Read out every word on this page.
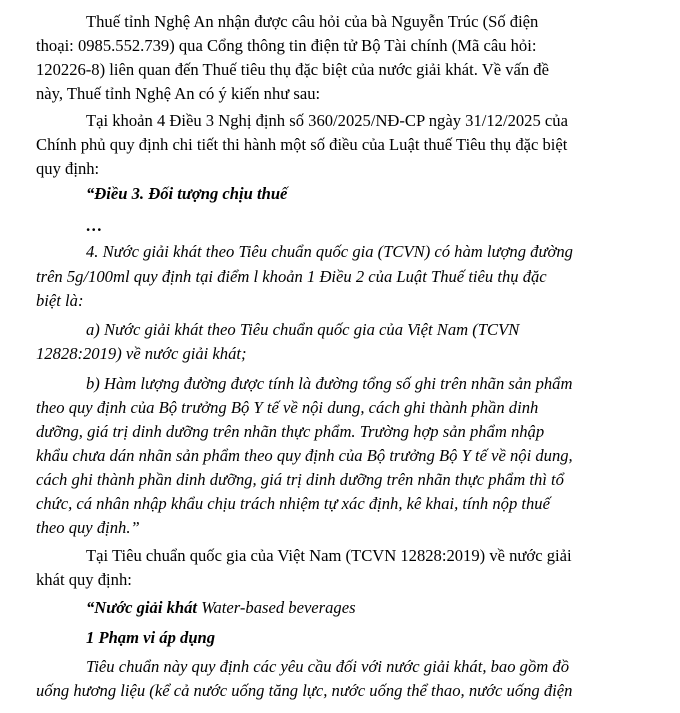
Thuế tỉnh Nghệ An nhận được câu hỏi của bà Nguyễn Trúc (Số điện
thoại: 0985.552.739) qua Cổng thông tin điện tử Bộ Tài chính (Mã câu hỏi:
120226-8) liên quan đến Thuế tiêu thụ đặc biệt của nước giải khát. Về vấn đề
này, Thuế tỉnh Nghệ An có ý kiến như sau:
Tại khoản 4 Điều 3 Nghị định số 360/2025/NĐ-CP ngày 31/12/2025 của
Chính phủ quy định chi tiết thi hành một số điều của Luật thuế Tiêu thụ đặc biệt
quy định:
“Điều 3. Đối tượng chịu thuế
…
4. Nước giải khát theo Tiêu chuẩn quốc gia (TCVN) có hàm lượng đường
trên 5g/100ml quy định tại điểm l khoản 1 Điều 2 của Luật Thuế tiêu thụ đặc
biệt là:
a) Nước giải khát theo Tiêu chuẩn quốc gia của Việt Nam (TCVN
12828:2019) về nước giải khát;
b) Hàm lượng đường được tính là đường tổng số ghi trên nhãn sản phẩm
theo quy định của Bộ trưởng Bộ Y tế về nội dung, cách ghi thành phần dinh
dưỡng, giá trị dinh dưỡng trên nhãn thực phẩm. Trường hợp sản phẩm nhập
khẩu chưa dán nhãn sản phẩm theo quy định của Bộ trưởng Bộ Y tế về nội dung,
cách ghi thành phần dinh dưỡng, giá trị dinh dưỡng trên nhãn thực phẩm thì tổ
chức, cá nhân nhập khẩu chịu trách nhiệm tự xác định, kê khai, tính nộp thuế
theo quy định.”
Tại Tiêu chuẩn quốc gia của Việt Nam (TCVN 12828:2019) về nước giải
khát quy định:
“Nước giải khát Water-based beverages
1 Phạm vi áp dụng
Tiêu chuẩn này quy định các yêu cầu đối với nước giải khát, bao gồm đồ
uống hương liệu (kể cả nước uống tăng lực, nước uống thể thao, nước uống điện
